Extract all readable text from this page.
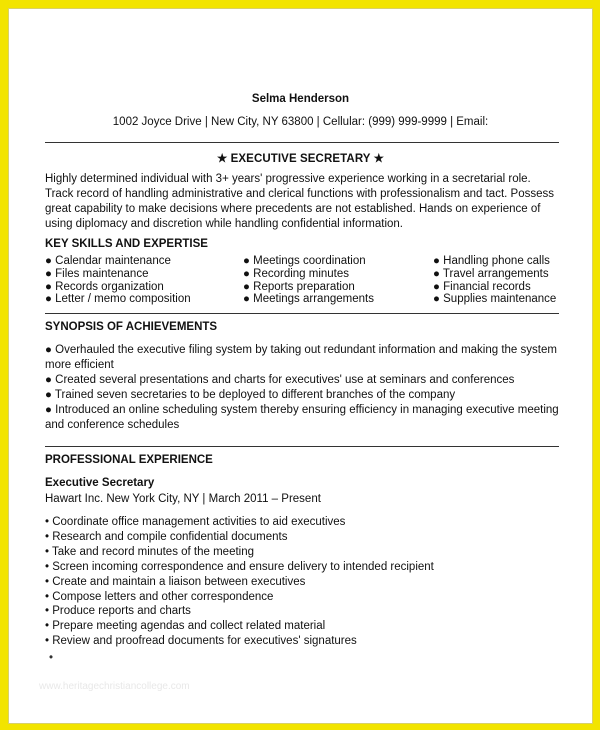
Selma Henderson
1002 Joyce Drive | New City, NY 63800 | Cellular: (999) 999-9999 | Email:
★ EXECUTIVE SECRETARY ★
Highly determined individual with 3+ years' progressive experience working in a secretarial role. Track record of handling administrative and clerical functions with professionalism and tact. Possess great capability to make decisions where precedents are not established. Hands on experience of using diplomacy and discretion while handling confidential information.
KEY SKILLS AND EXPERTISE
● Calendar maintenance
● Files maintenance
● Records organization
● Letter / memo composition
● Meetings coordination
● Recording minutes
● Reports preparation
● Meetings arrangements
● Handling phone calls
● Travel arrangements
● Financial records
● Supplies maintenance
SYNOPSIS OF ACHIEVEMENTS

● Overhauled the executive filing system by taking out redundant information and making the system more efficient

● Created several presentations and charts for executives' use at seminars and conferences

● Trained seven secretaries to be deployed to different branches of the company

● Introduced an online scheduling system thereby ensuring efficiency in managing executive meeting and conference schedules

PROFESSIONAL EXPERIENCE
Executive Secretary
Hawart Inc. New York City, NY | March 2011 – Present
• Coordinate office management activities to aid executives
• Research and compile confidential documents
• Take and record minutes of the meeting
• Screen incoming correspondence and ensure delivery to intended recipient
• Create and maintain a liaison between executives
• Compose letters and other correspondence
• Produce reports and charts
• Prepare meeting agendas and collect related material
• Review and proofread documents for executives' signatures
•
www.heritagechristiancollege.com
